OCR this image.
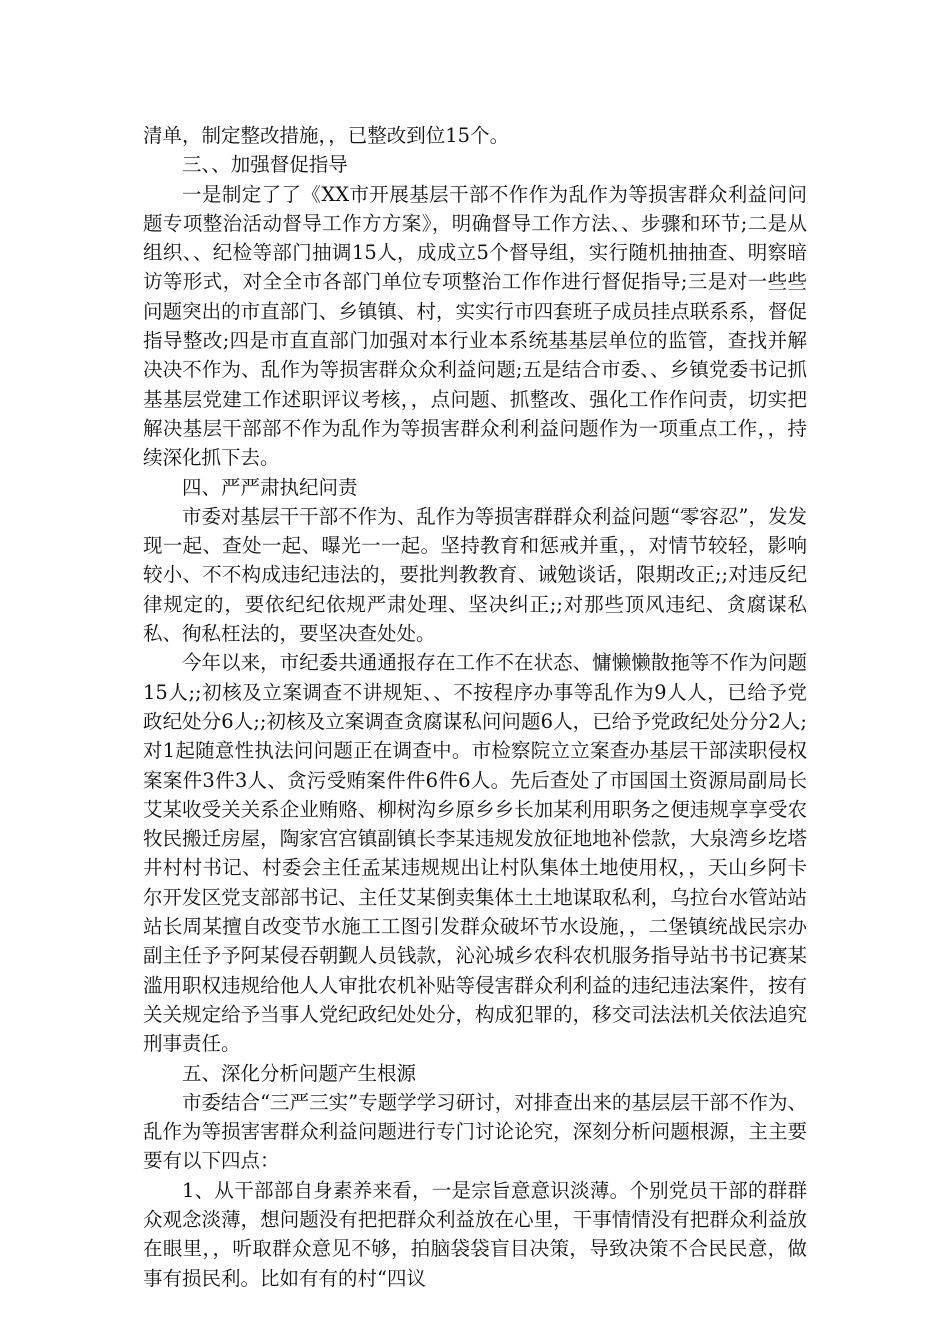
清单，制定整改措施，，已整改到位15个。

三、、加强督促指导

一是制定了了《XX市开展基层干部不作作为乱作为等损害群众利益问问题专项整治活动督导工作方方案》，明确督导工作方法、、步骤和环节;二是从组织、、纪检等部门抽调15人，成成立5个督导组，实行随机抽抽查、明察暗访等形式，对全全市各部门单位专项整治工作作进行督促指导;三是对一些些问题突出的市直部门、乡镇镇、村，实实行市四套班子成员挂点联系系，督促指导整改;四是市直直部门加强对本行业本系统基基层单位的监管，查找并解决决不作为、乱作为等损害群众众利益问题;五是结合市委、、乡镇党委书记抓基基层党建工作述职评议考核，，点问题、抓整改、强化工作作问责，切实把解决基层干部部不作为乱作为等损害群众利利益问题作为一项重点工作，，持续深化抓下去。

四、严严肃执纪问责

市委对基层干干部不作为、乱作为等损害群群众利益问题“零容忍”，发发现一起、查处一起、曝光一一起。坚持教育和惩戒并重，，对情节较轻，影响较小、不不构成违纪违法的，要批判教教育、诫勉谈话，限期改正;;对违反纪律规定的，要依纪纪依规严肃处理、坚决纠正;;对那些顶风违纪、贪腐谋私私、徇私枉法的，要坚决查处处。

今年以来，市纪委共通通报存在工作不在状态、慵懒懒散拖等不作为问题15人;;初核及立案调查不讲规矩、、不按程序办事等乱作为9人人，已给予党政纪处分6人;;初核及立案调查贪腐谋私问问题6人，已给予党政纪处分分2人;对1起随意性执法问问题正在调查中。市检察院立立案查办基层干部渎职侵权案案件3件3人、贪污受贿案件件6件6人。先后查处了市国国土资源局副局长艾某收受关关系企业贿赂、柳树沟乡原乡乡长加某利用职务之便违规享享受农牧民搬迁房屋，陶家宫宫镇副镇长李某违规发放征地地补偿款，大泉湾乡圪塔井村村书记、村委会主任孟某违规规出让村队集体土地使用权，，天山乡阿卡尔开发区党支部部书记、主任艾某倒卖集体土土地谋取私利，乌拉台水管站站站长周某擅自改变节水施工工图引发群众破坏节水设施，，二堡镇统战民宗办副主任予予阿某侵吞朝觐人员钱款，沁沁城乡农科农机服务指导站书书记赛某滥用职权违规给他人人审批农机补贴等侵害群众利利益的违纪违法案件，按有关关规定给予当事人党纪政纪处处分，构成犯罪的，移交司法法机关依法追究刑事责任。

五、深化分析问题产生根源

市委结合“三严三实”专题学学习研讨，对排查出来的基层层干部不作为、乱作为等损害害群众利益问题进行专门讨论论究，深刻分析问题根源，主主要要有以下四点：

1、从干部部自身素养来看，一是宗旨意意识淡薄。个别党员干部的群群众观念淡薄，想问题没有把把群众利益放在心里，干事情情没有把群众利益放在眼里，，听取群众意见不够，拍脑袋袋盲目决策，导致决策不合民民意，做事有损民利。比如有有的村“四议
